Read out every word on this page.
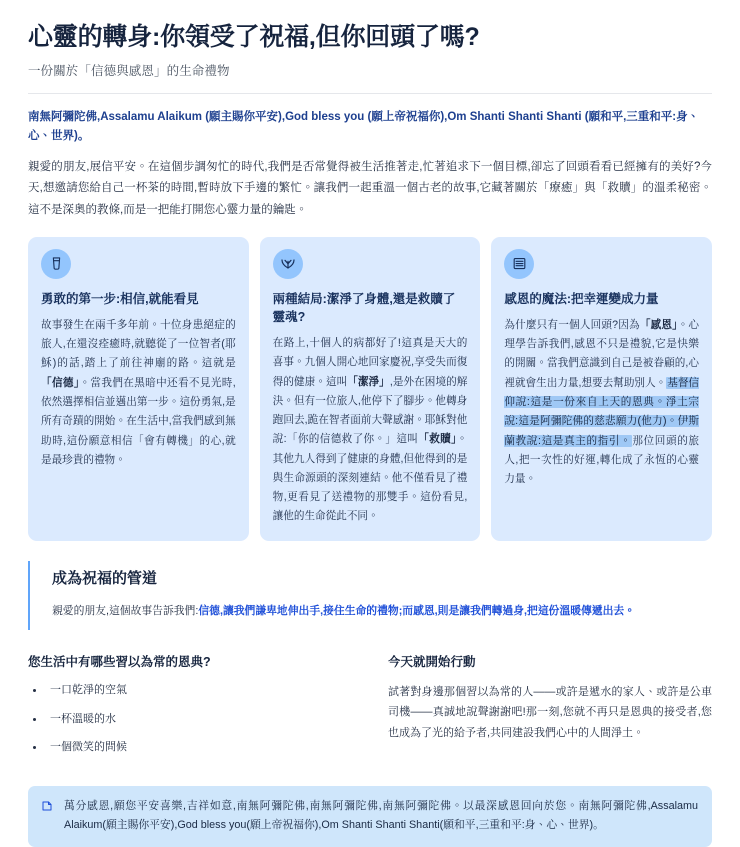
心靈的轉身:你領受了祝福,但你回頭了嗎?

一份關於「信德與感恩」的生命禮物

南無阿彌陀佛,Assalamu Alaikum (願主賜你平安),God bless you (願上帝祝福你),Om Shanti Shanti Shanti (願和平,三重和平:身、心、世界)。

親愛的朋友,展信平安。在這個步調匆忙的時代,我們是否常覺得被生活推著走,忙著追求下一個目標,卻忘了回頭看看已經擁有的美好?今天,想邀請您給自己一杯茶的時間,暫時放下手邊的繁忙。讓我們一起重溫一個古老的故事,它藏著關於「療癒」與「救贖」的溫柔秘密。這不是深奧的教條,而是一把能打開您心靈力量的鑰匙。

勇敢的第一步:相信,就能看見

故事發生在兩千多年前。十位身患絕症的旅人,在還沒痊癒時,就聽從了一位智者(耶穌)的話,踏上了前往神廟的路。這就是「信德」。當我們在黑暗中还看不見光時,依然選擇相信並邁出第一步。這份勇氣,是所有奇蹟的開始。在生活中,當我們感到無助時,這份願意相信「會有轉機」的心,就是最珍貴的禮物。

兩種結局:潔淨了身體,還是救贖了靈魂?

在路上,十個人的病都好了!這真是天大的喜事。九個人開心地回家慶祝,享受失而復得的健康。這叫「潔淨」,是外在困境的解決。但有一位旅人,他停下了腳步。他轉身跑回去,跪在智者面前大聲感謝。耶穌對他說:「你的信德救了你。」這叫「救贖」。其他九人得到了健康的身體,但他得到的是與生命源頭的深刻連結。他不僅看見了禮物,更看見了送禮物的那雙手。這份看見,讓他的生命從此不同。

感恩的魔法:把幸運變成力量

為什麼只有一個人回頭?因為「感恩」。心理學告訴我們,感恩不只是禮貌,它是快樂的開關。當我們意識到自己是被眷顧的,心裡就會生出力量,想要去幫助別人。基督信仰說:這是一份來自上天的恩典。淨土宗說:這是阿彌陀佛的慈悲願力(他力)。伊斯蘭教說:這是真主的指引。那位回頭的旅人,把一次性的好運,轉化成了永恆的心靈力量。

成為祝福的管道

親愛的朋友,這個故事告訴我們:信德,讓我們謙卑地伸出手,接住生命的禮物;而感恩,則是讓我們轉過身,把這份溫暖傳遞出去。

您生活中有哪些習以為常的恩典?
一口乾淨的空氣
一杯溫暖的水
一個微笑的問候
今天就開始行動

試著對身邊那個習以為常的人——或許是遞水的家人、或許是公車司機——真誠地說聲謝謝吧!那一刻,您就不再只是恩典的接受者,您也成為了光的給予者,共同建設我們心中的人間淨土。

萬分感恩,願您平安喜樂,吉祥如意,南無阿彌陀佛,南無阿彌陀佛,南無阿彌陀佛。以最深感恩回向於您。南無阿彌陀佛,Assalamu Alaikum(願主賜你平安),God bless you(願上帝祝福你),Om Shanti Shanti Shanti(願和平,三重和平:身、心、世界)。
